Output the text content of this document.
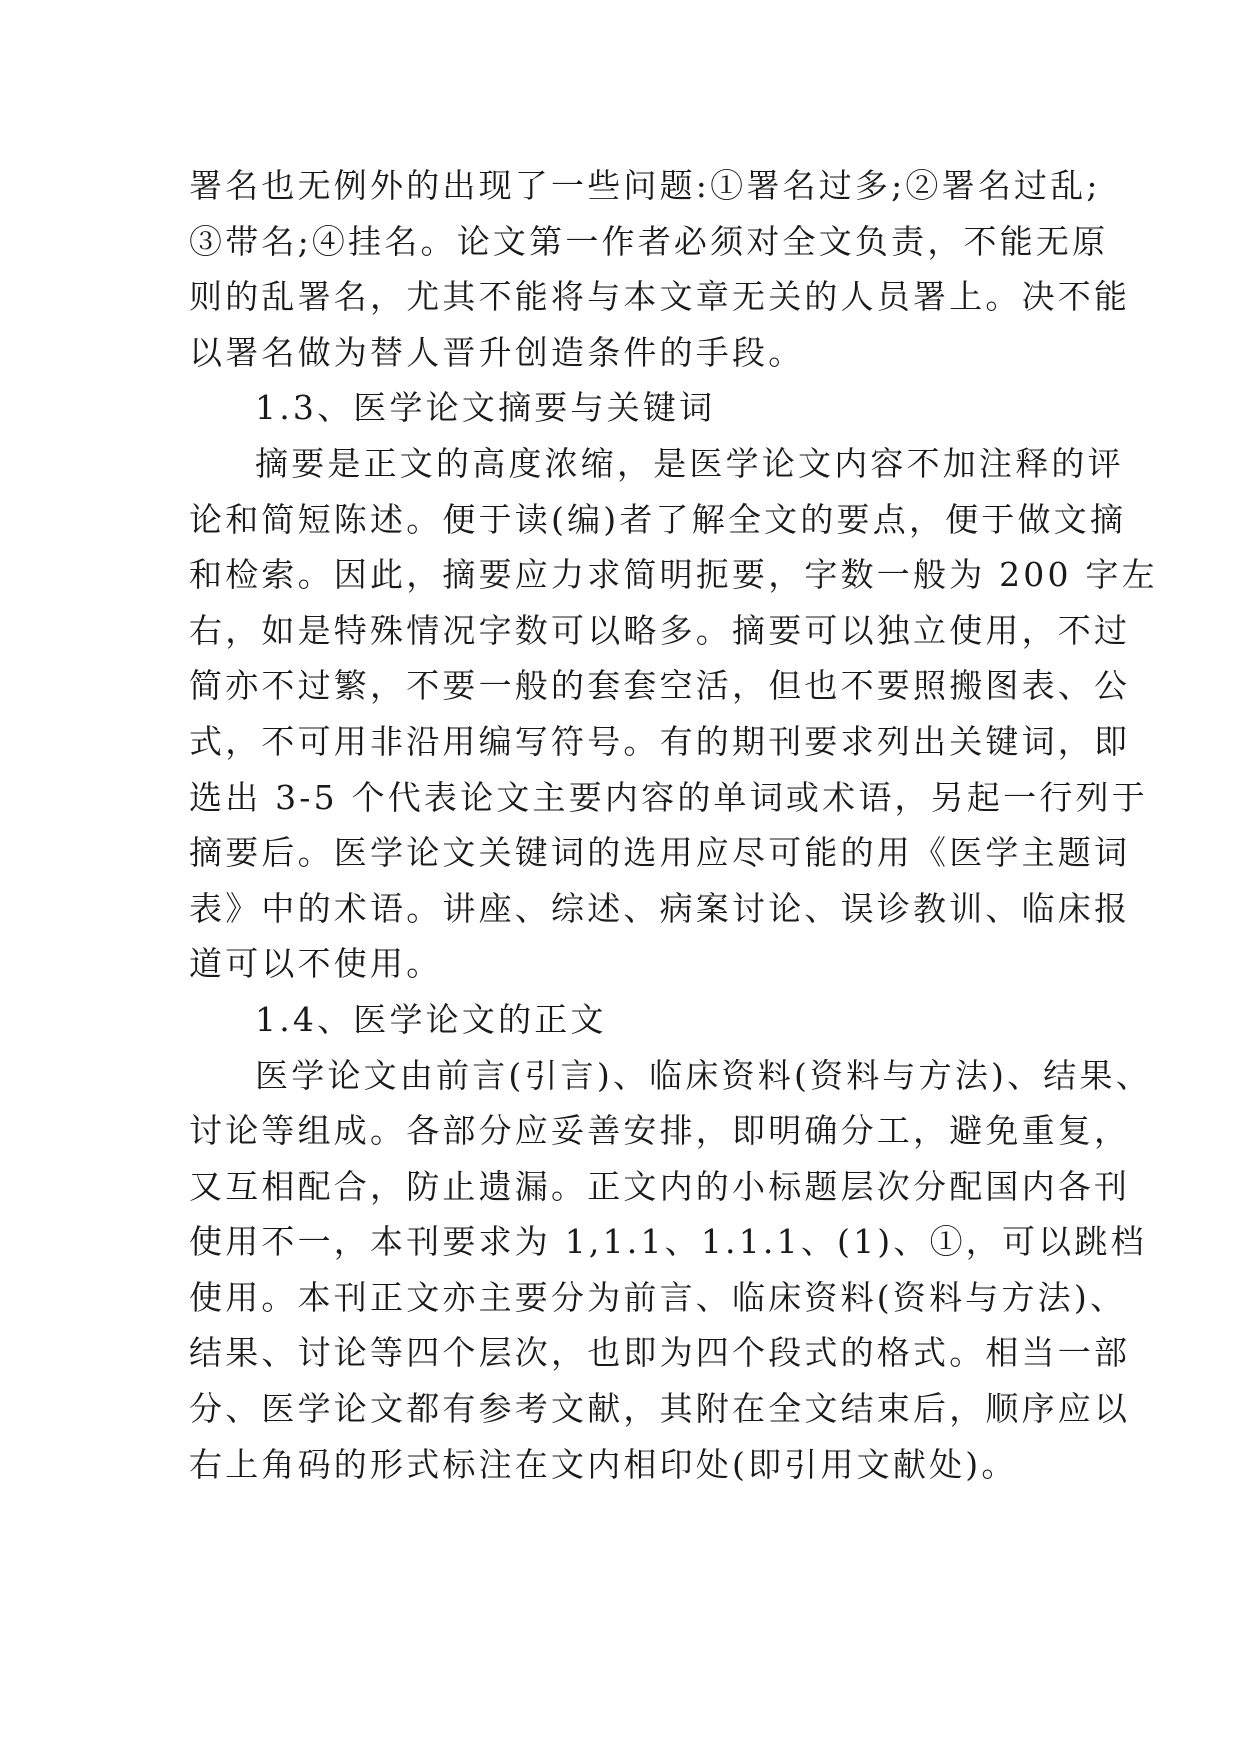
署名也无例外的出现了一些问题:①署名过多;②署名过乱;
③带名;④挂名。论文第一作者必须对全文负责，不能无原
则的乱署名，尤其不能将与本文章无关的人员署上。决不能
以署名做为替人晋升创造条件的手段。
1.3、医学论文摘要与关键词
摘要是正文的高度浓缩，是医学论文内容不加注释的评
论和简短陈述。便于读(编)者了解全文的要点，便于做文摘
和检索。因此，摘要应力求简明扼要，字数一般为 200 字左
右，如是特殊情况字数可以略多。摘要可以独立使用，不过
简亦不过繁，不要一般的套套空活，但也不要照搬图表、公
式，不可用非沿用编写符号。有的期刊要求列出关键词，即
选出 3-5 个代表论文主要内容的单词或术语，另起一行列于
摘要后。医学论文关键词的选用应尽可能的用《医学主题词
表》中的术语。讲座、综述、病案讨论、误诊教训、临床报
道可以不使用。
1.4、医学论文的正文
医学论文由前言(引言)、临床资料(资料与方法)、结果、
讨论等组成。各部分应妥善安排，即明确分工，避免重复，
又互相配合，防止遗漏。正文内的小标题层次分配国内各刊
使用不一，本刊要求为 1,1.1、1.1.1、(1)、①，可以跳档
使用。本刊正文亦主要分为前言、临床资料(资料与方法)、
结果、讨论等四个层次，也即为四个段式的格式。相当一部
分、医学论文都有参考文献，其附在全文结束后，顺序应以
右上角码的形式标注在文内相印处(即引用文献处)。
